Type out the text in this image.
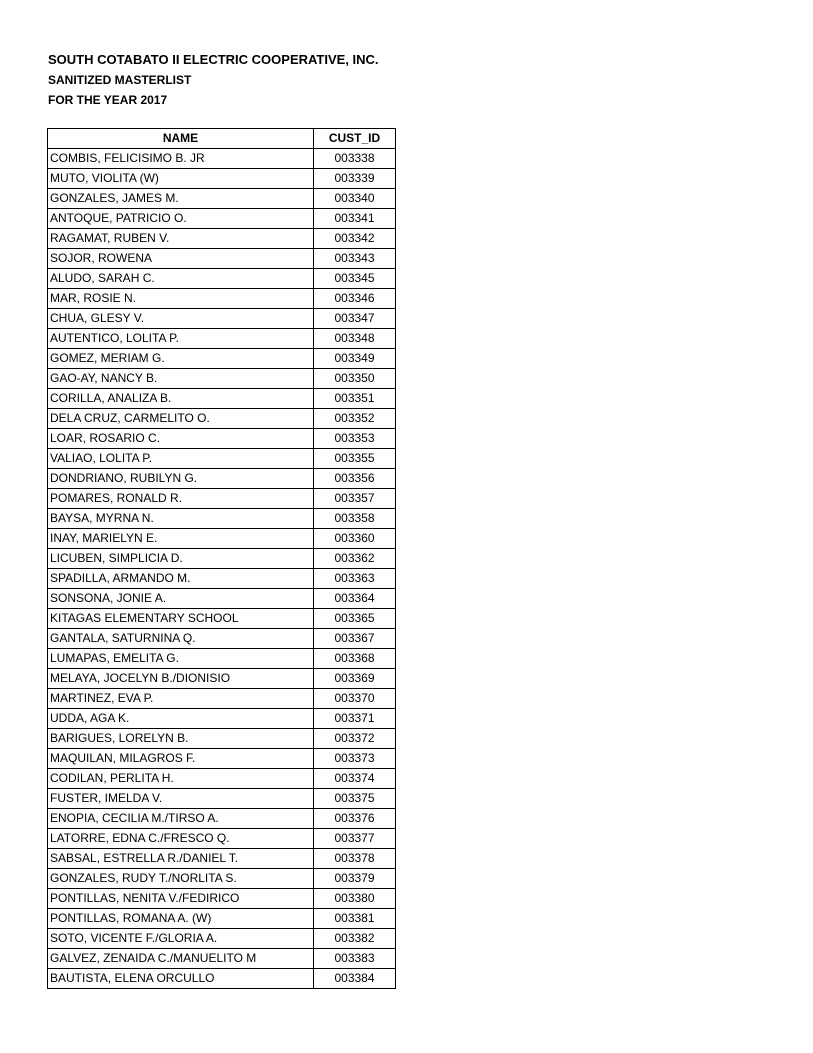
SOUTH COTABATO II ELECTRIC COOPERATIVE, INC.
SANITIZED MASTERLIST
FOR THE YEAR 2017
NAME	CUST_ID
COMBIS, FELICISIMO B. JR	003338
MUTO, VIOLITA (W)	003339
GONZALES, JAMES M.	003340
ANTOQUE, PATRICIO O.	003341
RAGAMAT, RUBEN V.	003342
SOJOR, ROWENA	003343
ALUDO, SARAH C.	003345
MAR, ROSIE N.	003346
CHUA, GLESY V.	003347
AUTENTICO, LOLITA P.	003348
GOMEZ, MERIAM G.	003349
GAO-AY, NANCY B.	003350
CORILLA, ANALIZA B.	003351
DELA CRUZ, CARMELITO O.	003352
LOAR, ROSARIO C.	003353
VALIAO, LOLITA P.	003355
DONDRIANO, RUBILYN G.	003356
POMARES, RONALD R.	003357
BAYSA, MYRNA N.	003358
INAY, MARIELYN E.	003360
LICUBEN, SIMPLICIA D.	003362
SPADILLA, ARMANDO M.	003363
SONSONA, JONIE A.	003364
KITAGAS ELEMENTARY SCHOOL	003365
GANTALA, SATURNINA Q.	003367
LUMAPAS, EMELITA G.	003368
MELAYA, JOCELYN B./DIONISIO	003369
MARTINEZ, EVA P.	003370
UDDA, AGA K.	003371
BARIGUES, LORELYN B.	003372
MAQUILAN, MILAGROS F.	003373
CODILAN, PERLITA H.	003374
FUSTER, IMELDA V.	003375
ENOPIA, CECILIA M./TIRSO A.	003376
LATORRE, EDNA C./FRESCO Q.	003377
SABSAL, ESTRELLA R./DANIEL T.	003378
GONZALES, RUDY T./NORLITA S.	003379
PONTILLAS, NENITA V./FEDIRICO	003380
PONTILLAS, ROMANA A. (W)	003381
SOTO, VICENTE F./GLORIA A.	003382
GALVEZ, ZENAIDA C./MANUELITO M	003383
BAUTISTA, ELENA ORCULLO	003384
